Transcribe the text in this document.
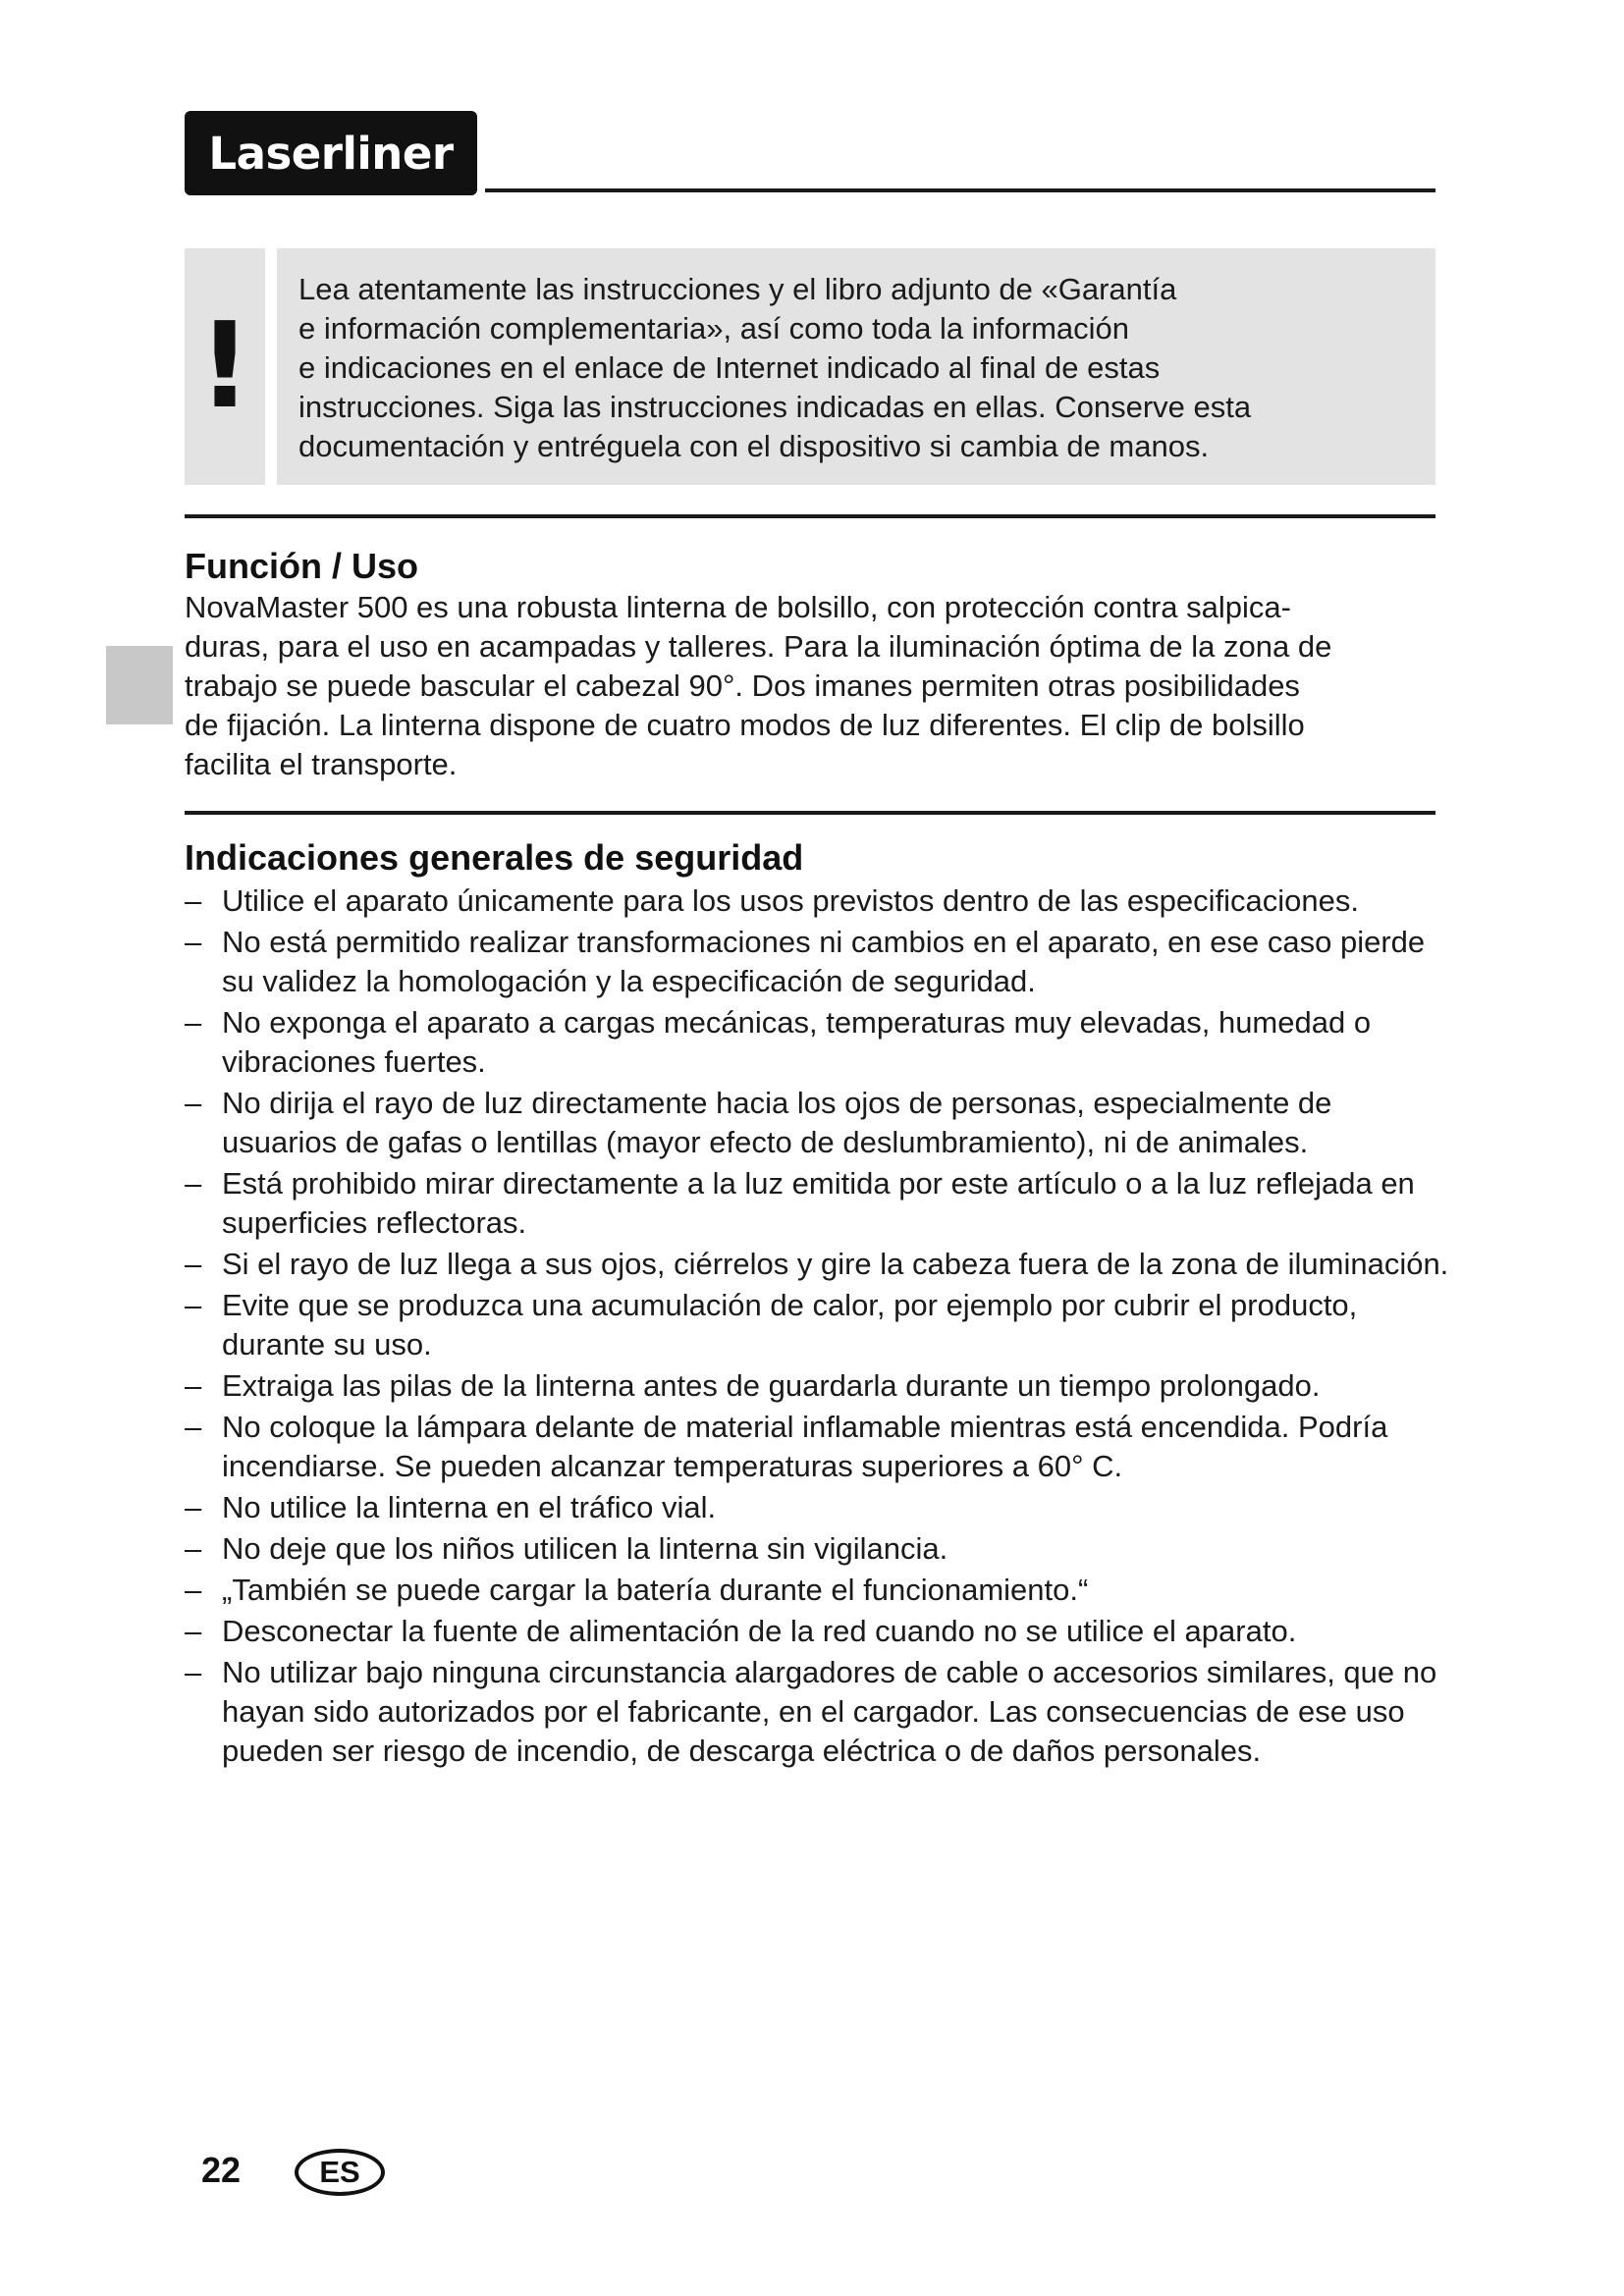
Laserliner
!

Lea atentamente las instrucciones y el libro adjunto de «Garantía

e información complementaria», así como toda la información

e indicaciones en el enlace de Internet indicado al final de estas

instrucciones. Siga las instrucciones indicadas en ellas. Conserve esta

documentación y entréguela con el dispositivo si cambia de manos.

Función / Uso
NovaMaster 500 es una robusta linterna de bolsillo, con protección contra salpica-
duras, para el uso en acampadas y talleres. Para la iluminación óptima de la zona de
trabajo se puede bascular el cabezal 90°. Dos imanes permiten otras posibilidades
de fijación. La linterna dispone de cuatro modos de luz diferentes. El clip de bolsillo
facilita el transporte.
Indicaciones generales de seguridad
– Utilice el aparato únicamente para los usos previstos dentro de las especificaciones.
– No está permitido realizar transformaciones ni cambios en el aparato, en ese caso pierde su validez la homologación y la especificación de seguridad.
– No exponga el aparato a cargas mecánicas, temperaturas muy elevadas, humedad o vibraciones fuertes.
– No dirija el rayo de luz directamente hacia los ojos de personas, especialmente de usuarios de gafas o lentillas (mayor efecto de deslumbramiento), ni de animales.
– Está prohibido mirar directamente a la luz emitida por este artículo o a la luz reflejada en superficies reflectoras.
– Si el rayo de luz llega a sus ojos, ciérrelos y gire la cabeza fuera de la zona de iluminación.
– Evite que se produzca una acumulación de calor, por ejemplo por cubrir el producto, durante su uso.
– Extraiga las pilas de la linterna antes de guardarla durante un tiempo prolongado.
– No coloque la lámpara delante de material inflamable mientras está encendida. Podría incendiarse. Se pueden alcanzar temperaturas superiores a 60° C.
– No utilice la linterna en el tráfico vial.
– No deje que los niños utilicen la linterna sin vigilancia.
– „También se puede cargar la batería durante el funcionamiento.“
– Desconectar la fuente de alimentación de la red cuando no se utilice el aparato.
– No utilizar bajo ninguna circunstancia alargadores de cable o accesorios similares, que no hayan sido autorizados por el fabricante, en el cargador. Las consecuencias de ese uso pueden ser riesgo de incendio, de descarga eléctrica o de daños personales.
22	ES
